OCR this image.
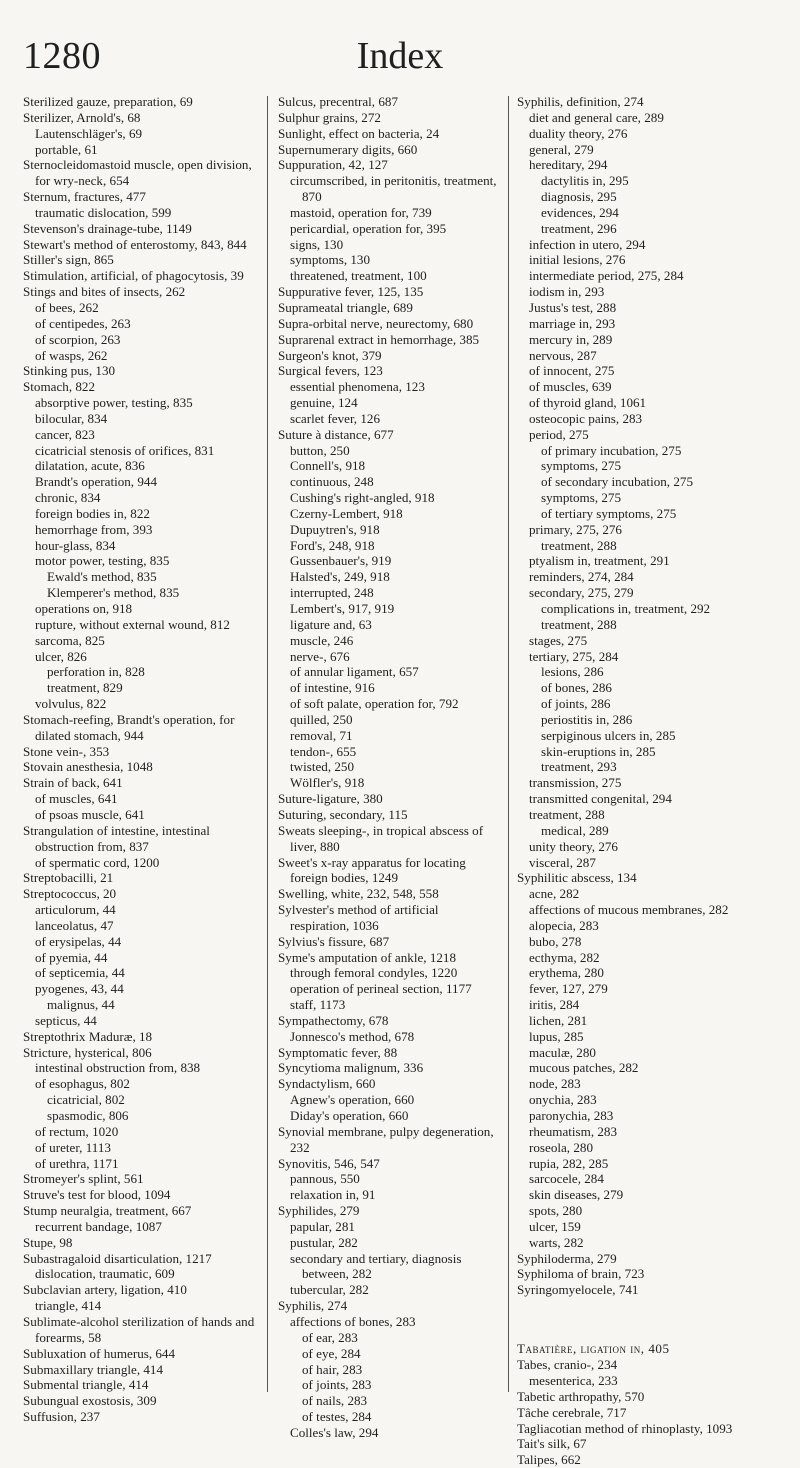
Index
1280

Sterilized gauze, preparation, 69

Sterilizer, Arnold's, 68

Lautenschläger's, 69

portable, 61

Sternocleidomastoid muscle, open division, for wry-neck, 654

Sternum, fractures, 477

traumatic dislocation, 599

Stevenson's drainage-tube, 1149

Stewart's method of enterostomy, 843, 844

Stiller's sign, 865

Stimulation, artificial, of phagocytosis, 39

Stings and bites of insects, 262

of bees, 262

of centipedes, 263

of scorpion, 263

of wasps, 262

Stinking pus, 130

Stomach, 822

absorptive power, testing, 835

bilocular, 834

cancer, 823

cicatricial stenosis of orifices, 831

dilatation, acute, 836

Brandt's operation, 944

chronic, 834

foreign bodies in, 822

hemorrhage from, 393

hour-glass, 834

motor power, testing, 835

Ewald's method, 835

Klemperer's method, 835

operations on, 918

rupture, without external wound, 812

sarcoma, 825

ulcer, 826

perforation in, 828

treatment, 829

volvulus, 822

Stomach-reefing, Brandt's operation, for dilated stomach, 944

Stone vein-, 353

Stovain anesthesia, 1048

Strain of back, 641

of muscles, 641

of psoas muscle, 641

Strangulation of intestine, intestinal obstruction from, 837

of spermatic cord, 1200

Streptobacilli, 21

Streptococcus, 20

articulorum, 44

lanceolatus, 47

of erysipelas, 44

of pyemia, 44

of septicemia, 44

pyogenes, 43, 44

malignus, 44

septicus, 44

Streptothrix Maduræ, 18

Stricture, hysterical, 806

intestinal obstruction from, 838

of esophagus, 802

cicatricial, 802

spasmodic, 806

of rectum, 1020

of ureter, 1113

of urethra, 1171

Stromeyer's splint, 561

Struve's test for blood, 1094

Stump neuralgia, treatment, 667

recurrent bandage, 1087

Stupe, 98

Subastragaloid disarticulation, 1217

dislocation, traumatic, 609

Subclavian artery, ligation, 410

triangle, 414

Sublimate-alcohol sterilization of hands and forearms, 58

Subluxation of humerus, 644

Submaxillary triangle, 414

Submental triangle, 414

Subungual exostosis, 309

Suffusion, 237

Sulcus, precentral, 687

Sulphur grains, 272

Sunlight, effect on bacteria, 24

Supernumerary digits, 660

Suppuration, 42, 127

circumscribed, in peritonitis, treatment, 870

mastoid, operation for, 739

pericardial, operation for, 395

signs, 130

symptoms, 130

threatened, treatment, 100

Suppurative fever, 125, 135

Suprameatal triangle, 689

Supra-orbital nerve, neurectomy, 680

Suprarenal extract in hemorrhage, 385

Surgeon's knot, 379

Surgical fevers, 123

essential phenomena, 123

genuine, 124

scarlet fever, 126

Suture à distance, 677

button, 250

Connell's, 918

continuous, 248

Cushing's right-angled, 918

Czerny-Lembert, 918

Dupuytren's, 918

Ford's, 248, 918

Gussenbauer's, 919

Halsted's, 249, 918

interrupted, 248

Lembert's, 917, 919

ligature and, 63

muscle, 246

nerve-, 676

of annular ligament, 657

of intestine, 916

of soft palate, operation for, 792

quilled, 250

removal, 71

tendon-, 655

twisted, 250

Wölfler's, 918

Suture-ligature, 380

Suturing, secondary, 115

Sweats sleeping-, in tropical abscess of liver, 880

Sweet's x-ray apparatus for locating foreign bodies, 1249

Swelling, white, 232, 548, 558

Sylvester's method of artificial respiration, 1036

Sylvius's fissure, 687

Syme's amputation of ankle, 1218

through femoral condyles, 1220

operation of perineal section, 1177

staff, 1173

Sympathectomy, 678

Jonnesco's method, 678

Symptomatic fever, 88

Syncytioma malignum, 336

Syndactylism, 660

Agnew's operation, 660

Diday's operation, 660

Synovial membrane, pulpy degeneration, 232

Synovitis, 546, 547

pannous, 550

relaxation in, 91

Syphilides, 279

papular, 281

pustular, 282

secondary and tertiary, diagnosis between, 282

tubercular, 282

Syphilis, 274

affections of bones, 283

of ear, 283

of eye, 284

of hair, 283

of joints, 283

of nails, 283

of testes, 284

Colles's law, 294

Syphilis, definition, 274

diet and general care, 289

duality theory, 276

general, 279

hereditary, 294

dactylitis in, 295

diagnosis, 295

evidences, 294

treatment, 296

infection in utero, 294

initial lesions, 276

intermediate period, 275, 284

iodism in, 293

Justus's test, 288

marriage in, 293

mercury in, 289

nervous, 287

of innocent, 275

of muscles, 639

of thyroid gland, 1061

osteocopic pains, 283

period, 275

of primary incubation, 275

symptoms, 275

of secondary incubation, 275

symptoms, 275

of tertiary symptoms, 275

primary, 275, 276

treatment, 288

ptyalism in, treatment, 291

reminders, 274, 284

secondary, 275, 279

complications in, treatment, 292

treatment, 288

stages, 275

tertiary, 275, 284

lesions, 286

of bones, 286

of joints, 286

periostitis in, 286

serpiginous ulcers in, 285

skin-eruptions in, 285

treatment, 293

transmission, 275

transmitted congenital, 294

treatment, 288

medical, 289

unity theory, 276

visceral, 287

Syphilitic abscess, 134

acne, 282

affections of mucous membranes, 282

alopecia, 283

bubo, 278

ecthyma, 282

erythema, 280

fever, 127, 279

iritis, 284

lichen, 281

lupus, 285

maculæ, 280

mucous patches, 282

node, 283

onychia, 283

paronychia, 283

rheumatism, 283

roseola, 280

rupia, 282, 285

sarcocele, 284

skin diseases, 279

spots, 280

ulcer, 159

warts, 282

Syphiloderma, 279

Syphiloma of brain, 723

Syringomyelocele, 741

Tabatière, ligation in, 405

Tabes, cranio-, 234

mesenterica, 233

Tabetic arthropathy, 570

Tâche cerebrale, 717

Tagliacotian method of rhinoplasty, 1093

Tait's silk, 67

Talipes, 662
